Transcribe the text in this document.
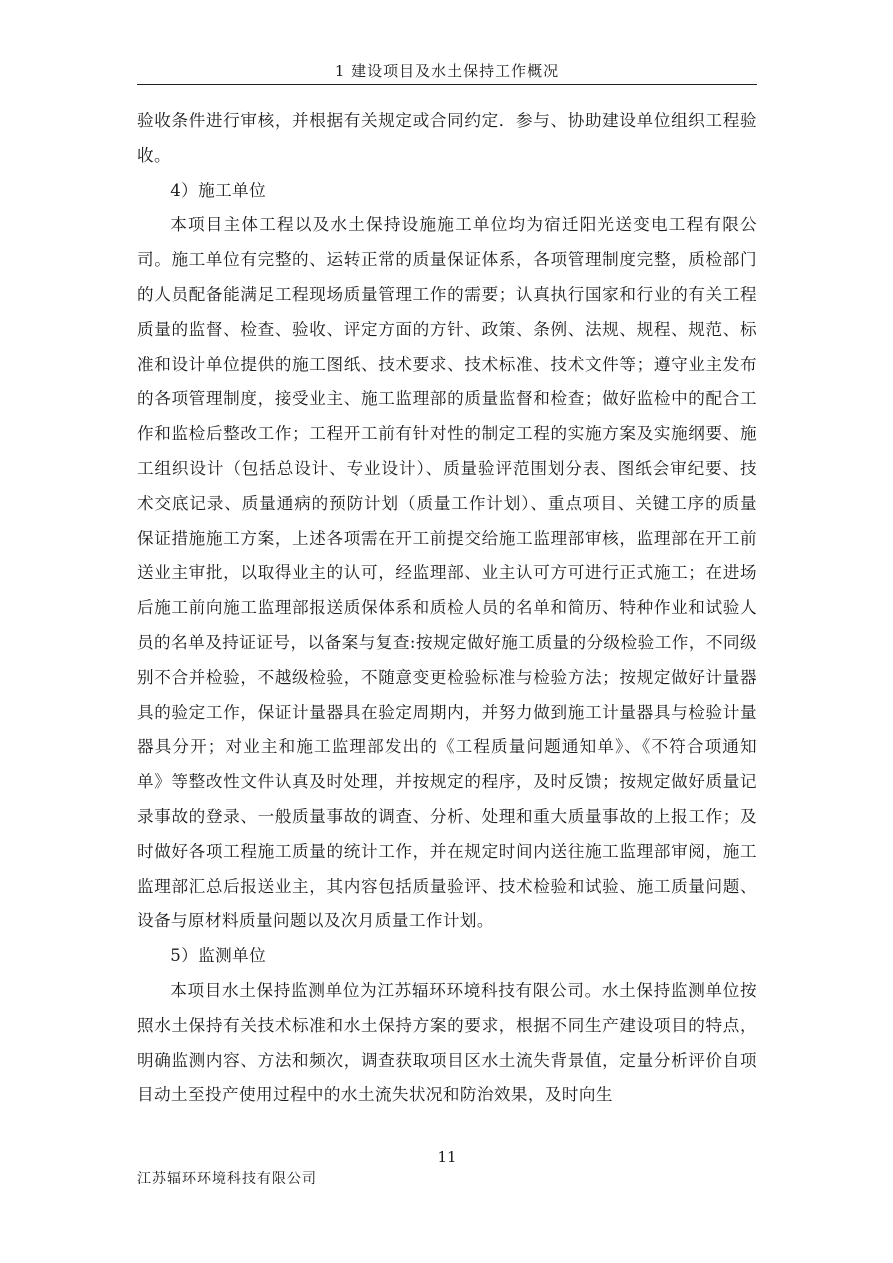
1 建设项目及水土保持工作概况

验收条件进行审核，并根据有关规定或合同约定．参与、协助建设单位组织工程验收。

4）施工单位

本项目主体工程以及水土保持设施施工单位均为宿迁阳光送变电工程有限公司。施工单位有完整的、运转正常的质量保证体系，各项管理制度完整，质检部门的人员配备能满足工程现场质量管理工作的需要；认真执行国家和行业的有关工程质量的监督、检查、验收、评定方面的方针、政策、条例、法规、规程、规范、标准和设计单位提供的施工图纸、技术要求、技术标准、技术文件等；遵守业主发布的各项管理制度，接受业主、施工监理部的质量监督和检查；做好监检中的配合工作和监检后整改工作；工程开工前有针对性的制定工程的实施方案及实施纲要、施工组织设计（包括总设计、专业设计）、质量验评范围划分表、图纸会审纪要、技术交底记录、质量通病的预防计划（质量工作计划）、重点项目、关键工序的质量保证措施施工方案，上述各项需在开工前提交给施工监理部审核，监理部在开工前送业主审批，以取得业主的认可，经监理部、业主认可方可进行正式施工；在进场后施工前向施工监理部报送质保体系和质检人员的名单和简历、特种作业和试验人员的名单及持证证号，以备案与复查:按规定做好施工质量的分级检验工作，不同级别不合并检验，不越级检验，不随意变更检验标准与检验方法；按规定做好计量器具的验定工作，保证计量器具在验定周期内，并努力做到施工计量器具与检验计量器具分开；对业主和施工监理部发出的《工程质量问题通知单》、《不符合项通知单》等整改性文件认真及时处理，并按规定的程序，及时反馈；按规定做好质量记录事故的登录、一般质量事故的调查、分析、处理和重大质量事故的上报工作；及时做好各项工程施工质量的统计工作，并在规定时间内送往施工监理部审阅，施工监理部汇总后报送业主，其内容包括质量验评、技术检验和试验、施工质量问题、设备与原材料质量问题以及次月质量工作计划。

5）监测单位

本项目水土保持监测单位为江苏辐环环境科技有限公司。水土保持监测单位按照水土保持有关技术标准和水土保持方案的要求，根据不同生产建设项目的特点，明确监测内容、方法和频次，调查获取项目区水土流失背景值，定量分析评价自项目动土至投产使用过程中的水土流失状况和防治效果，及时向生

11
江苏辐环环境科技有限公司
